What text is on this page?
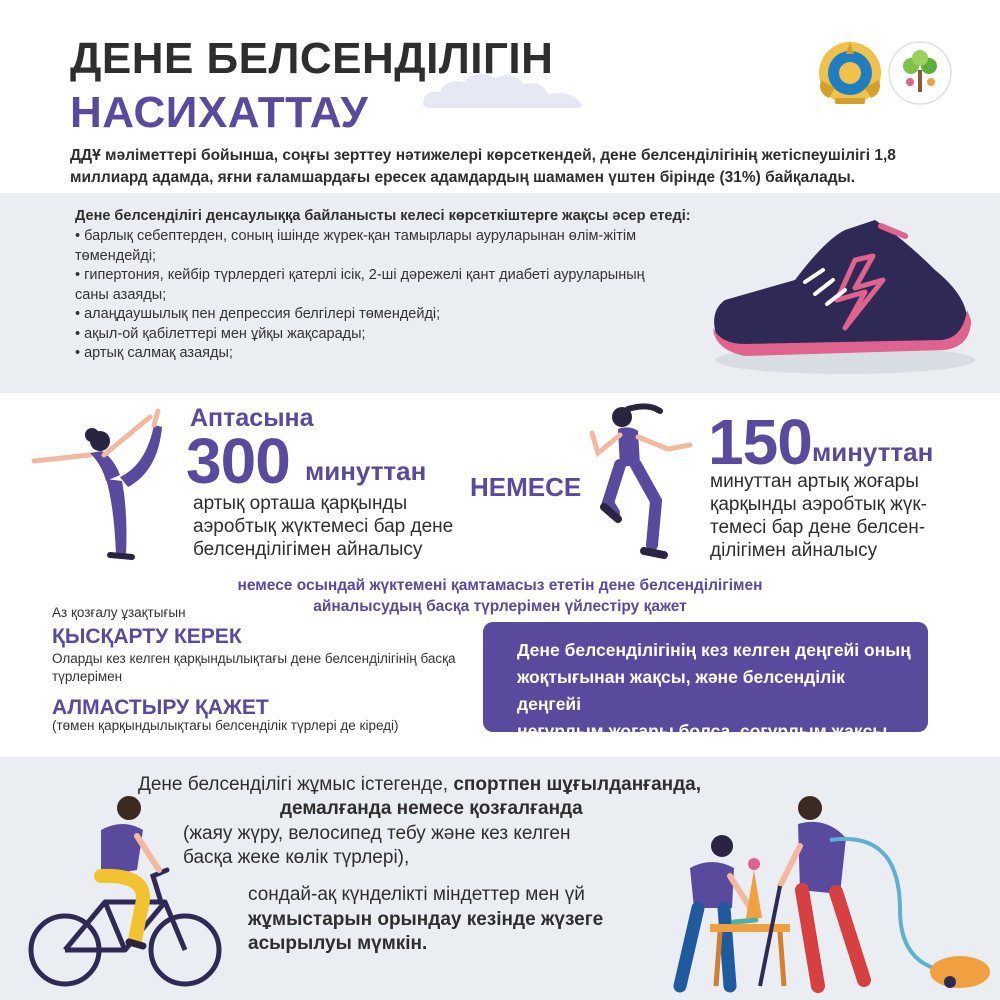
ДЕНЕ БЕЛСЕНДІЛІГІН
НАСИХАТТАУ
ДДҰ мәліметтері бойынша, соңғы зерттеу нәтижелері көрсеткендей, дене белсенділігінің жетіспеушілігі 1,8 миллиард адамда, яғни ғаламшардағы ересек адамдардың шамамен үштен бірінде (31%) байқалады.
Дене белсенділігі денсаулыққа байланысты келесі көрсеткіштерге жақсы әсер етеді:
• барлық себептерден, соның ішінде жүрек-қан тамырлары ауруларынан өлім-жітім
төмендейді;
• гипертония, кейбір түрлердегі қатерлі ісік, 2-ші дәрежелі қант диабеті ауруларының
саны азаяды;
• алаңдаушылық пен депрессия белгілері төмендейді;
• ақыл-ой қабілеттері мен ұйқы жақсарады;
• артық салмақ азаяды;
Аптасына
300 минуттан
артық орташа қарқынды
аэробтық жүктемесі бар дене
белсенділігімен айналысу
НЕМЕСЕ
150 минуттан
минуттан артық жоғары
қарқынды аэробтық жүк-
темесі бар дене белсен-
ділігімен айналысу
немесе осындай жүктемені қамтамасыз ететін дене белсенділігімен
айналысудың басқа түрлерімен үйлестіру қажет
Аз қозғалу ұзақтығын
ҚЫСҚАРТУ КЕРЕК
Оларды кез келген қарқындылықтағы дене белсенділігінің басқа түрлерімен
АЛМАСТЫРУ ҚАЖЕТ
(төмен қарқындылықтағы белсенділік түрлері де кіреді)
Дене белсенділігінің кез келген деңгейі оның
жоқтығынан жақсы, және белсенділік деңгейі
неғұрлым жоғары болса, соғұрлым жақсы.
Дене белсенділігі жұмыс істегенде, спортпен шұғылданғанда,
демалғанда немесе қозғалғанда
(жаяу жүру, велосипед тебу және кез келген
басқа жеке көлік түрлері),
сондай-ақ күнделікті міндеттер мен үй
жұмыстарын орындау кезінде жүзеге
асырылуы мүмкін.
